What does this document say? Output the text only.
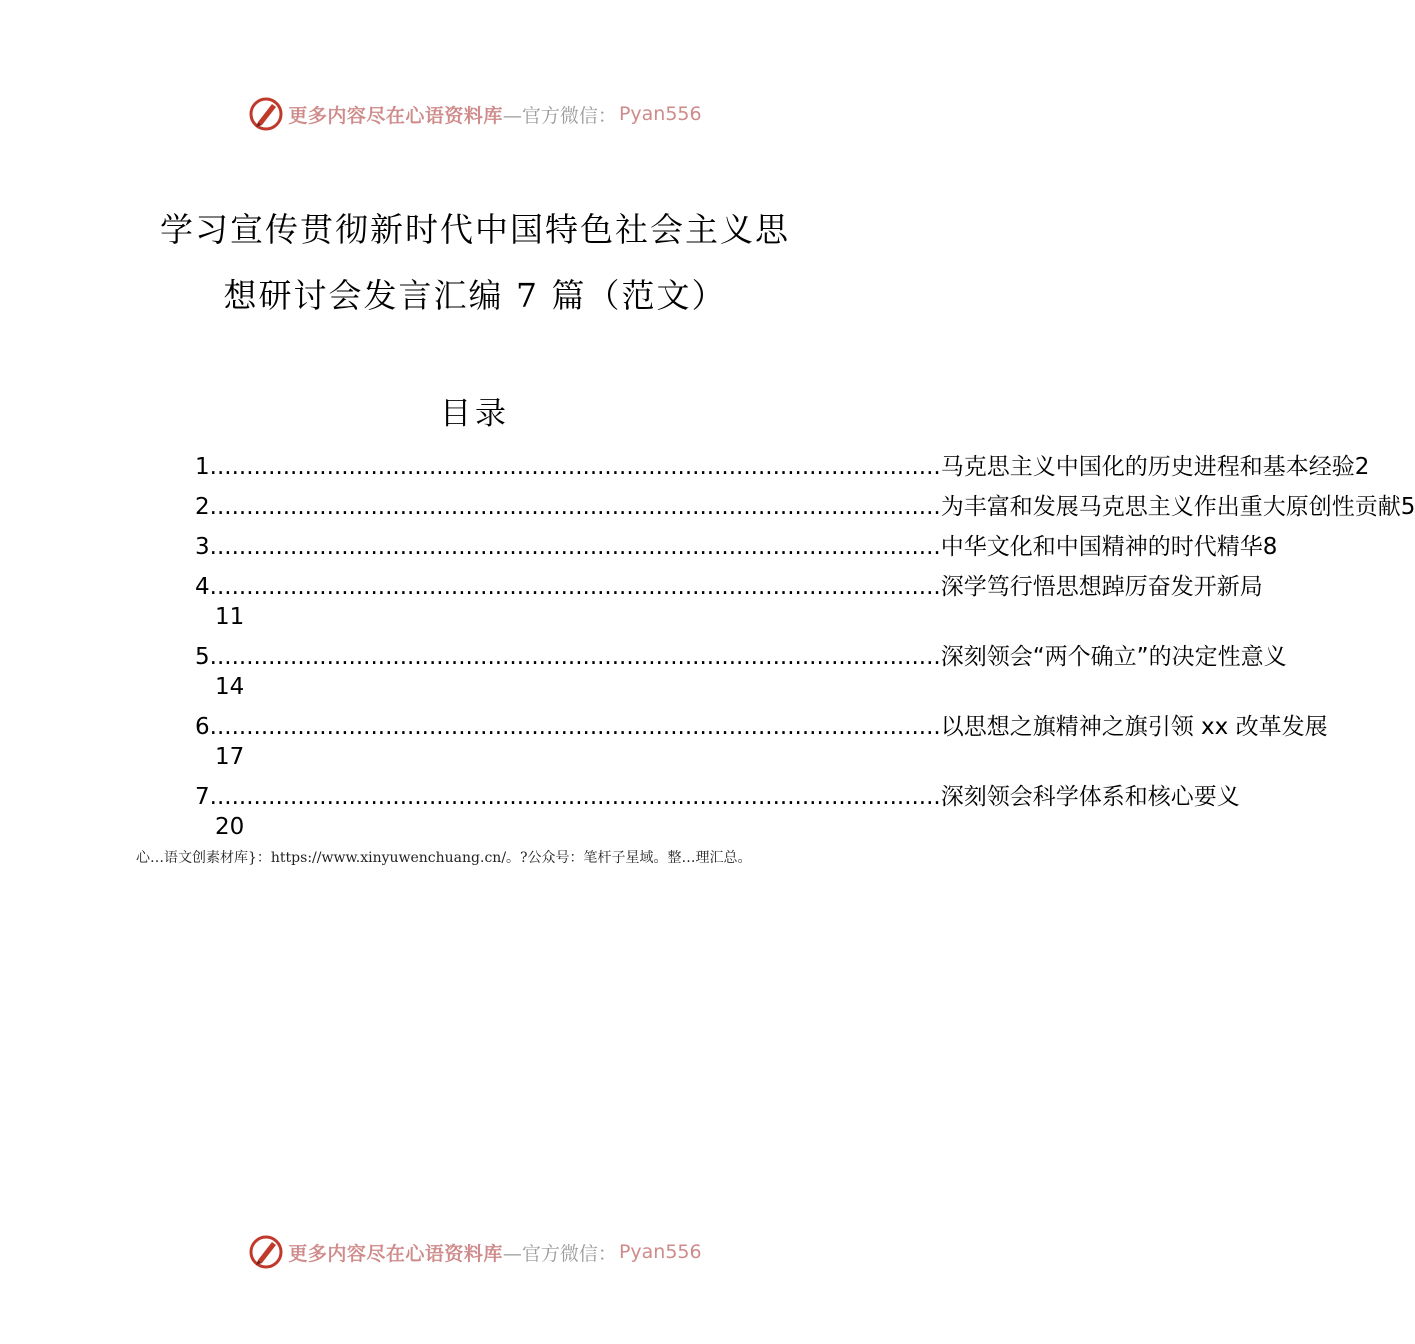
更多内容尽在心语资料库 —官方微信： Pyan556
学习宣传贯彻新时代中国特色社会主义思
想研讨会发言汇编 7 篇（范文）
目录
1 .................................................................................................... 马克思主义中国化的历史进程和基本经验 2
2 .................................................................................................... 为丰富和发展马克思主义作出重大原创性贡献 5
3 .................................................................................................... 中华文化和中国精神的时代精华 8
4 .................................................................................................... 深学笃行悟思想踔厉奋发开新局
11
5 .................................................................................................... 深刻领会“两个确立”的决定性意义
14
6 .................................................................................................... 以思想之旗精神之旗引领 xx 改革发展
17
7 .................................................................................................... 深刻领会科学体系和核心要义
20
心…语文创素材库}：https://www.xinyuwenchuang.cn/。?公众号：笔杆子星域。整…理汇总。
更多内容尽在心语资料库 —官方微信： Pyan556
